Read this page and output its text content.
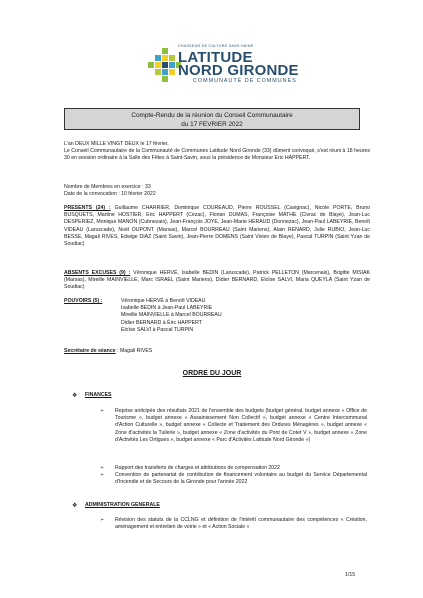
CHASSEUR DE CULTURE SANS HAINE
LATITUDE
NORD GIRONDE
COMMUNAUTÉ DE COMMUNES
Compte-Rendu de la réunion du Conseil Communautaire
du 17 FEVRIER 2022
L'an DEUX MILLE VINGT DEUX le 17 février,
Le Conseil Communautaire de la Communauté de Communes Latitude Nord Gironde (33) dûment convoqué, s'est réuni à 18 heures 30 en session ordinaire à la Salle des Fêtes à Saint-Savin, sous la présidence de Monsieur Eric HAPPERT.
Nombre de Membres en exercice : 33
Date de la convocation : 10 février 2022
PRESENTS (24) : Guillaume CHARRIER, Dominique COUREAUD, Pierre ROUSSEL (Cavignac), Nicole PORTE, Bruno BUSQUETS, Martine HOSTIER, Eric HAPPERT (Cézac), Florian DUMAS, Françoise MATHE (Civrac de Blaye), Jean-Luc DESPERIEZ, Monique MANON (Cubnezais), Jean-François JOYE, Jean-Marie HERAUD (Donnezac), Jean-Paul LABEYRIE, Benoît VIDEAU (Laruscade), Noël DUPONT (Marsas), Marcel BOURREAU (Saint Mariens), Alain RENARD, Julie RUBIO, Jean-Luc BESSE, Magali RIVES, Edwige DIAZ (Saint Savin), Jean-Pierre DOMENS (Saint Vivien de Blaye), Pascal TURPIN (Saint Yzan de Soudiac)
ABSENTS EXCUSES (9) : Véronique HERVÉ, Isabelle BEDIN (Laruscade), Patrick PELLETON (Marcenais), Brigitte MISIAK (Marsas), Mireille MAINVIELLE, Marc ISRAEL (Saint Mariens), Didier BERNARD, Eloïse SALVI, Maria QUEYLA (Saint Yzan de Soudiac)
POUVOIRS (5) :	Véronique HERVÉ à Benoît VIDEAU
Isabelle BEDIN à Jean-Paul LABEYRIE
Mireille MAINVIELLE à Marcel BOURREAU
Didier BERNARD à Éric HAPPERT
Eloïse SALVI à Pascal TURPIN
Secrétaire de séance : Magali RIVES
ORDRE DU JOUR
❖ FINANCES
➢ Reprise anticipée des résultats 2021 de l'ensemble des budgets (budget général, budget annexe « Office de Tourisme », budget annexe « Assainissement Non Collectif », budget annexe « Centre Intercommunal d'Action Culturelle », budget annexe « Collecte et Traitement des Ordures Ménagères », budget annexe « Zone d'activités la Tuilerie », budget annexe « Zone d'activités du Pont de Cotet V », budget annexe « Zone d'Activités Les Ortigues », budget annexe « Parc d'Activités Latitude Nord Gironde »)
➢ Rapport des transferts de charges et attributions de compensation 2022
➢ Convention de partenariat de contribution de financement volontaire au budget du Service Départemental d'Incendie et de Secours de la Gironde pour l'année 2022
❖ ADMINISTRATION GENERALE
➢ Révision des statuts de la CCLNG et définition de l'intérêt communautaire des compétences « Création, aménagement et entretien de voirie » et « Action Sociale »
1/15
